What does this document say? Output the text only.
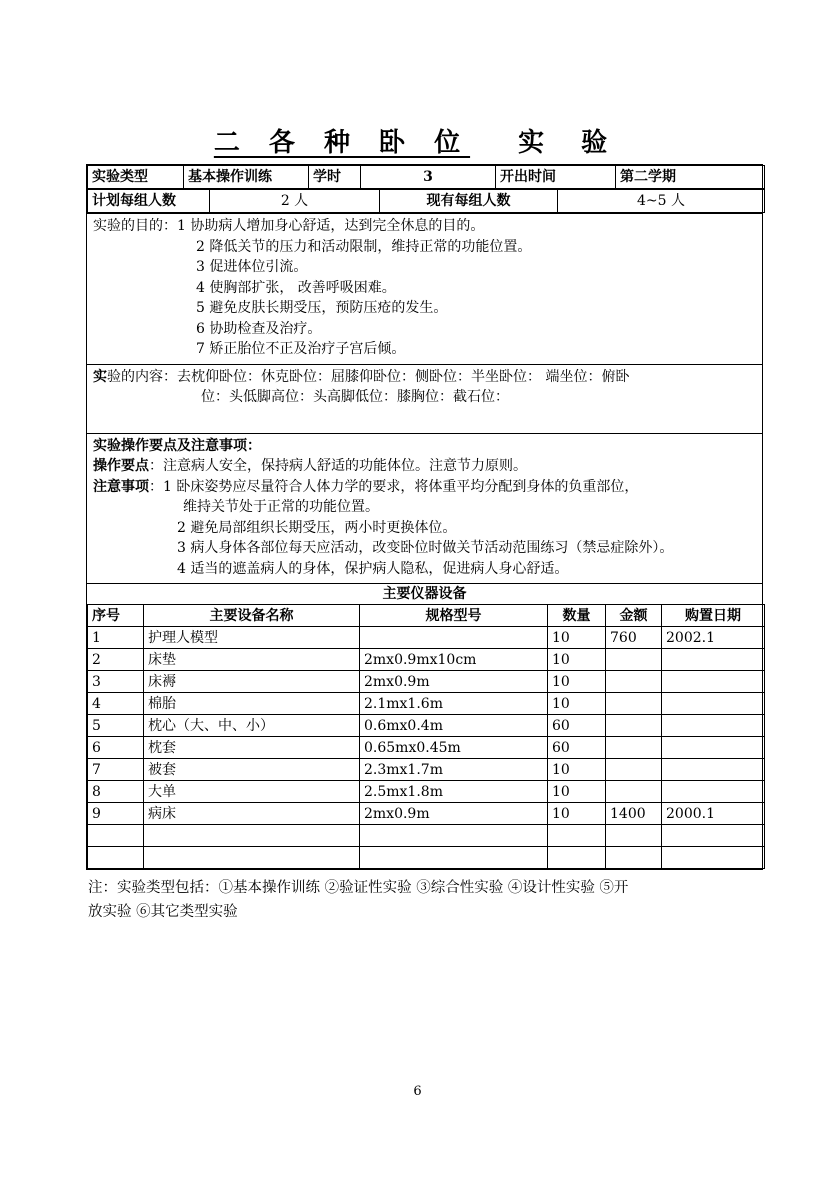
二 各 种 卧 位 实 验
实验类型	基本操作训练	学时	3	开出时间	第二学期
计划每组人数	2 人	现有每组人数	4~5 人
实验的目的：1 协助病人增加身心舒适，达到完全休息的目的。
2 降低关节的压力和活动限制，维持正常的功能位置。
3 促进体位引流。
4 使胸部扩张， 改善呼吸困难。
5 避免皮肤长期受压，预防压疮的发生。
6 协助检查及治疗。
7 矫正胎位不正及治疗子宫后倾。
实验的内容：去枕仰卧位：休克卧位：屈膝仰卧位：侧卧位：半坐卧位： 端坐位：俯卧
位：头低脚高位：头高脚低位：膝胸位：截石位：
实验操作要点及注意事项：
操作要点：注意病人安全，保持病人舒适的功能体位。注意节力原则。
注意事项：1 卧床姿势应尽量符合人体力学的要求，将体重平均分配到身体的负重部位，
维持关节处于正常的功能位置。
2 避免局部组织长期受压，两小时更换体位。
3 病人身体各部位每天应活动，改变卧位时做关节活动范围练习（禁忌症除外）。
4 适当的遮盖病人的身体，保护病人隐私，促进病人身心舒适。
主要仪器设备
序号	主要设备名称	规格型号	数量	金额	购置日期
1	护理人模型		10	760	2002.1
2	床垫	2mx0.9mx10cm	10		
3	床褥	2mx0.9m	10		
4	棉胎	2.1mx1.6m	10		
5	枕心（大、中、小）	0.6mx0.4m	60		
6	枕套	0.65mx0.45m	60		
7	被套	2.3mx1.7m	10		
8	大单	2.5mx1.8m	10		
9	病床	2mx0.9m	10	1400	2000.1

注：实验类型包括：①基本操作训练 ②验证性实验 ③综合性实验 ④设计性实验 ⑤开
放实验 ⑥其它类型实验
6
